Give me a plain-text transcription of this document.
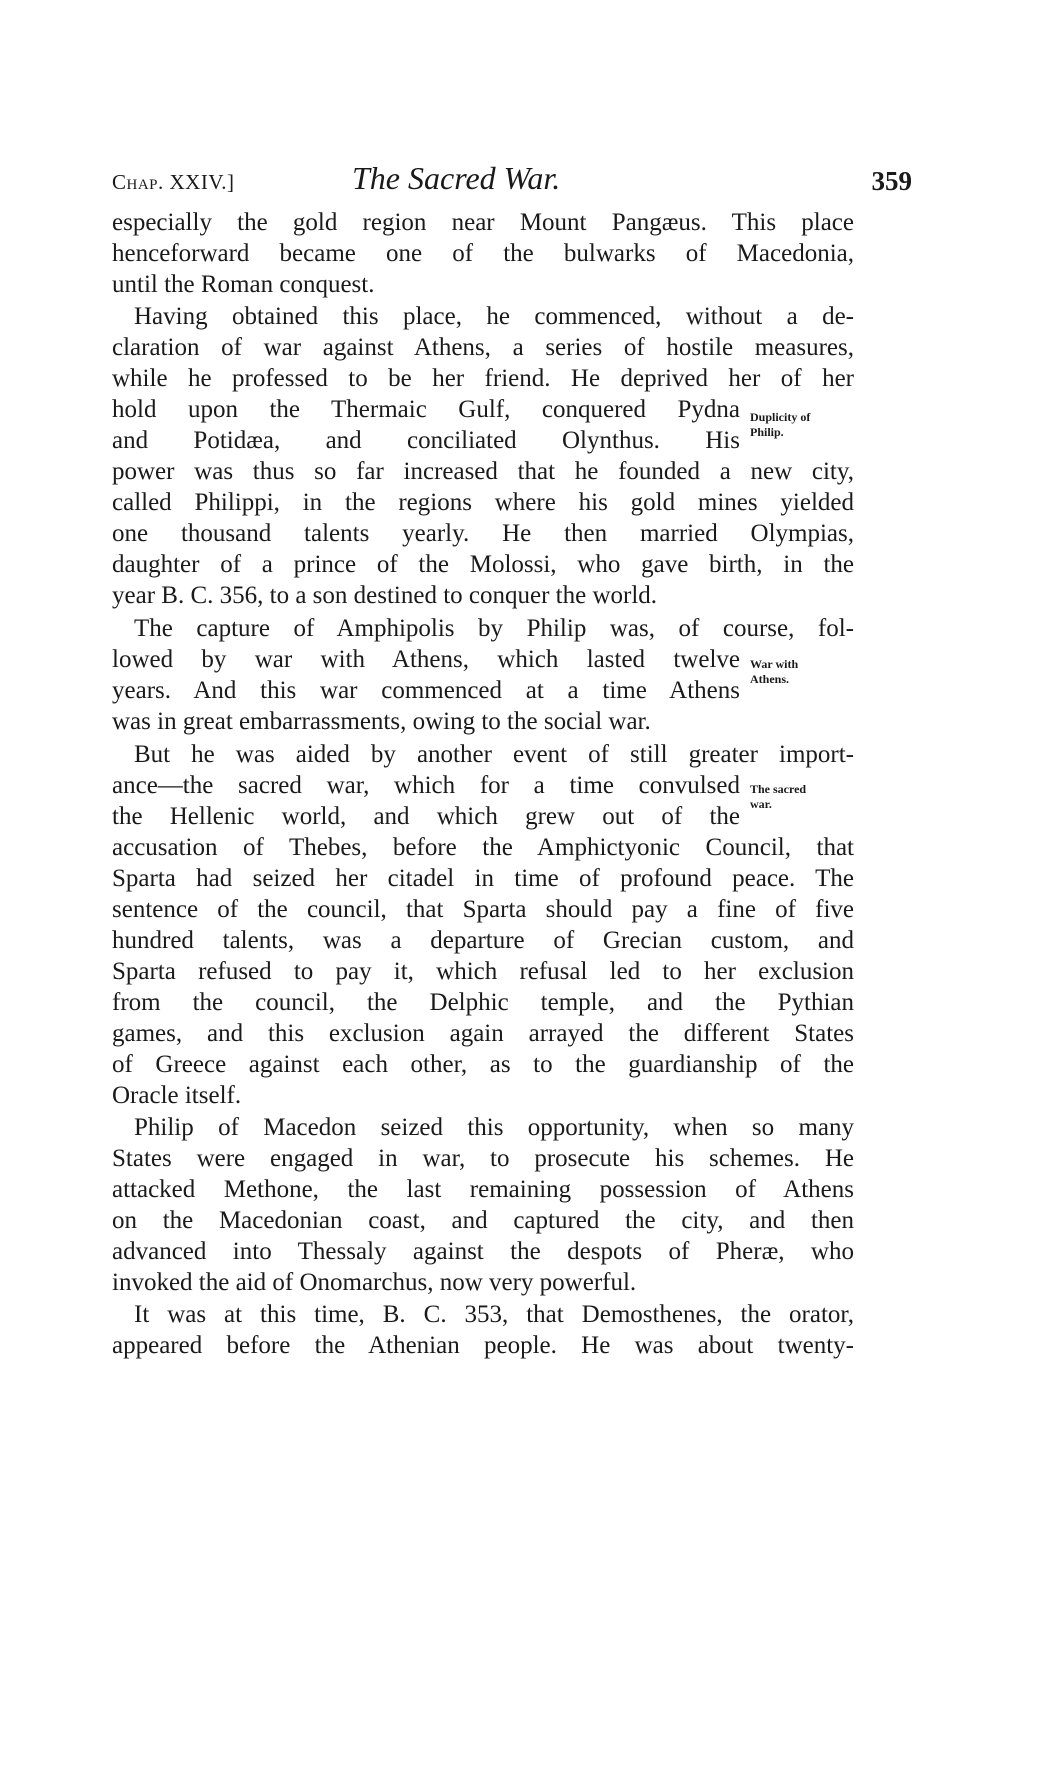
Chap. XXIV.]	The Sacred War.	359
especially the gold region near Mount Pangæus. This place
henceforward became one of the bulwarks of Macedonia,
until the Roman conquest.
Having obtained this place, he commenced, without a de-
claration of war against Athens, a series of hostile measures,
while he professed to be her friend. He deprived her of her
hold upon the Thermaic Gulf, conquered Pydna
and Potidæa, and conciliated Olynthus. His
power was thus so far increased that he founded a new city,
called Philippi, in the regions where his gold mines yielded
one thousand talents yearly. He then married Olympias,
daughter of a prince of the Molossi, who gave birth, in the
year B. C. 356, to a son destined to conquer the world.
The capture of Amphipolis by Philip was, of course, fol-
lowed by war with Athens, which lasted twelve
years. And this war commenced at a time Athens
was in great embarrassments, owing to the social war.
But he was aided by another event of still greater import-
ance—the sacred war, which for a time convulsed
the Hellenic world, and which grew out of the
accusation of Thebes, before the Amphictyonic Council, that
Sparta had seized her citadel in time of profound peace. The
sentence of the council, that Sparta should pay a fine of five
hundred talents, was a departure of Grecian custom, and
Sparta refused to pay it, which refusal led to her exclusion
from the council, the Delphic temple, and the Pythian
games, and this exclusion again arrayed the different States
of Greece against each other, as to the guardianship of the
Oracle itself.
Philip of Macedon seized this opportunity, when so many
States were engaged in war, to prosecute his schemes. He
attacked Methone, the last remaining possession of Athens
on the Macedonian coast, and captured the city, and then
advanced into Thessaly against the despots of Pheræ, who
invoked the aid of Onomarchus, now very powerful.
It was at this time, B. C. 353, that Demosthenes, the orator,
appeared before the Athenian people. He was about twenty-
Duplicity of
Philip.
War with
Athens.
The sacred
war.
